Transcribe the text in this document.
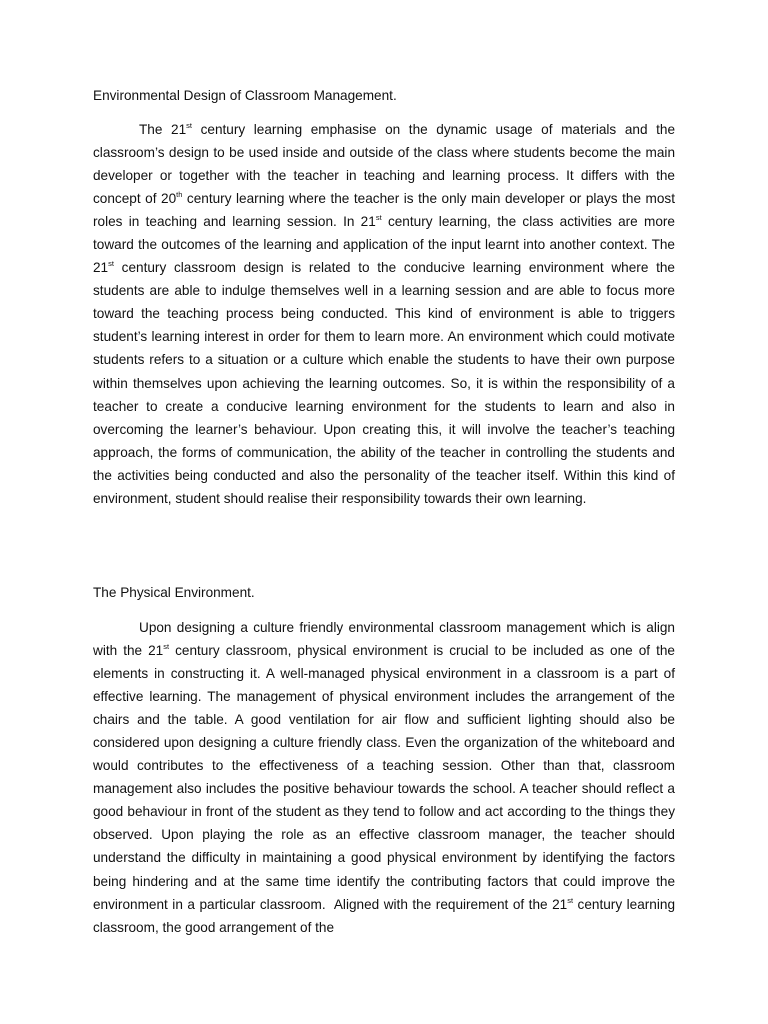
Environmental Design of Classroom Management.

The 21st century learning emphasise on the dynamic usage of materials and the classroom’s design to be used inside and outside of the class where students become the main developer or together with the teacher in teaching and learning process. It differs with the concept of 20th century learning where the teacher is the only main developer or plays the most roles in teaching and learning session. In 21st century learning, the class activities are more toward the outcomes of the learning and application of the input learnt into another context. The 21st century classroom design is related to the conducive learning environment where the students are able to indulge themselves well in a learning session and are able to focus more toward the teaching process being conducted. This kind of environment is able to triggers student’s learning interest in order for them to learn more. An environment which could motivate students refers to a situation or a culture which enable the students to have their own purpose within themselves upon achieving the learning outcomes. So, it is within the responsibility of a teacher to create a conducive learning environment for the students to learn and also in overcoming the learner’s behaviour. Upon creating this, it will involve the teacher’s teaching approach, the forms of communication, the ability of the teacher in controlling the students and the activities being conducted and also the personality of the teacher itself. Within this kind of environment, student should realise their responsibility towards their own learning.

The Physical Environment.

Upon designing a culture friendly environmental classroom management which is align with the 21st century classroom, physical environment is crucial to be included as one of the elements in constructing it. A well-managed physical environment in a classroom is a part of effective learning. The management of physical environment includes the arrangement of the chairs and the table. A good ventilation for air flow and sufficient lighting should also be considered upon designing a culture friendly class. Even the organization of the whiteboard and would contributes to the effectiveness of a teaching session. Other than that, classroom management also includes the positive behaviour towards the school. A teacher should reflect a good behaviour in front of the student as they tend to follow and act according to the things they observed. Upon playing the role as an effective classroom manager, the teacher should understand the difficulty in maintaining a good physical environment by identifying the factors being hindering and at the same time identify the contributing factors that could improve the environment in a particular classroom.  Aligned with the requirement of the 21st century learning classroom, the good arrangement of the
